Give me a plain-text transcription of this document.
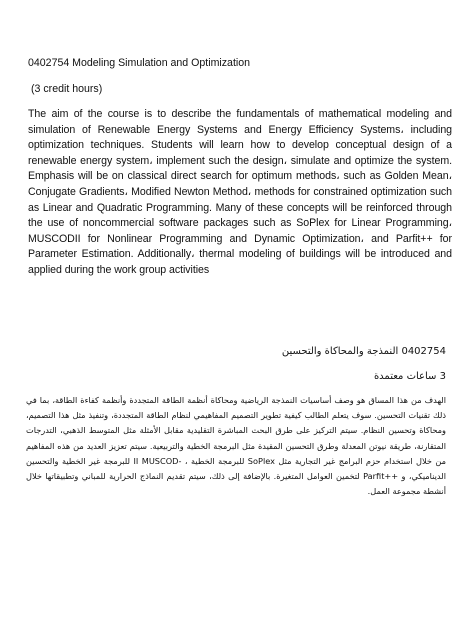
0402754 Modeling Simulation and Optimization
(3 credit hours)
The aim of the course is to describe the fundamentals of mathematical modeling and simulation of Renewable Energy Systems and Energy Efficiency Systems، including optimization techniques. Students will learn how to develop conceptual design of a renewable energy system، implement such the design، simulate and optimize the system. Emphasis will be on classical direct search for optimum methods، such as Golden Mean، Conjugate Gradients، Modified Newton Method، methods for constrained optimization such as Linear and Quadratic Programming. Many of these concepts will be reinforced through the use of noncommercial software packages such as SoPlex for Linear Programming، MUSCODII for Nonlinear Programming and Dynamic Optimization، and Parfit++ for Parameter Estimation. Additionally، thermal modeling of buildings will be introduced and applied during the work group activities
0402754 النمذجة والمحاكاة والتحسين
3 ساعات معتمدة
الهدف من هذا المساق هو وصف أساسيات النمذجة الرياضية ومحاكاة أنظمة الطاقة المتجددة وأنظمة كفاءة الطاقة، بما في ذلك تقنيات التحسين. سوف يتعلم الطالب كيفية تطوير التصميم المفاهيمي لنظام الطاقة المتجددة، وتنفيذ مثل هذا التصميم، ومحاكاة وتحسين النظام. سيتم التركيز على طرق البحث المباشرة التقليدية مقابل الأمثلة مثل المتوسط الذهبي، التدرجات المتقارنة، طريقة نيوتن المعدلة وطرق التحسين المقيدة مثل البرمجة الخطية والتربيعية. سيتم تعزيز العديد من هذه المفاهيم من خلال استخدام حزم البرامج غير التجارية مثل SoPlex للبرمجة الخطية ، -II MUSCOD للبرمجة غير الخطية والتحسين الديناميكي، و ++Parfit لتخمين العوامل المتغيرة. بالإضافة إلى ذلك، سيتم تقديم النماذج الحرارية للمباني وتطبيقاتها خلال أنشطة مجموعة العمل.
